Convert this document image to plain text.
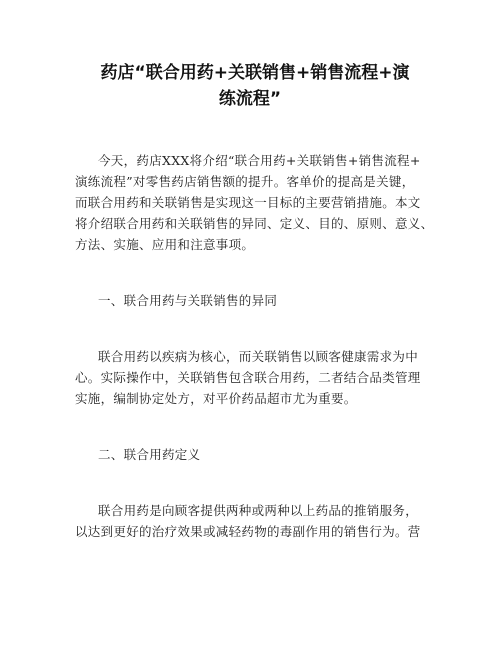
药店“联合用药+关联销售+销售流程+演
练流程”
今天，药店XXX将介绍“联合用药+关联销售+销售流程+
演练流程”对零售药店销售额的提升。客单价的提高是关键，
而联合用药和关联销售是实现这一目标的主要营销措施。本文
将介绍联合用药和关联销售的异同、定义、目的、原则、意义、
方法、实施、应用和注意事项。
一、联合用药与关联销售的异同
联合用药以疾病为核心，而关联销售以顾客健康需求为中
心。实际操作中，关联销售包含联合用药，二者结合品类管理
实施，编制协定处方，对平价药品超市尤为重要。
二、联合用药定义
联合用药是向顾客提供两种或两种以上药品的推销服务，
以达到更好的治疗效果或减轻药物的毒副作用的销售行为。营
